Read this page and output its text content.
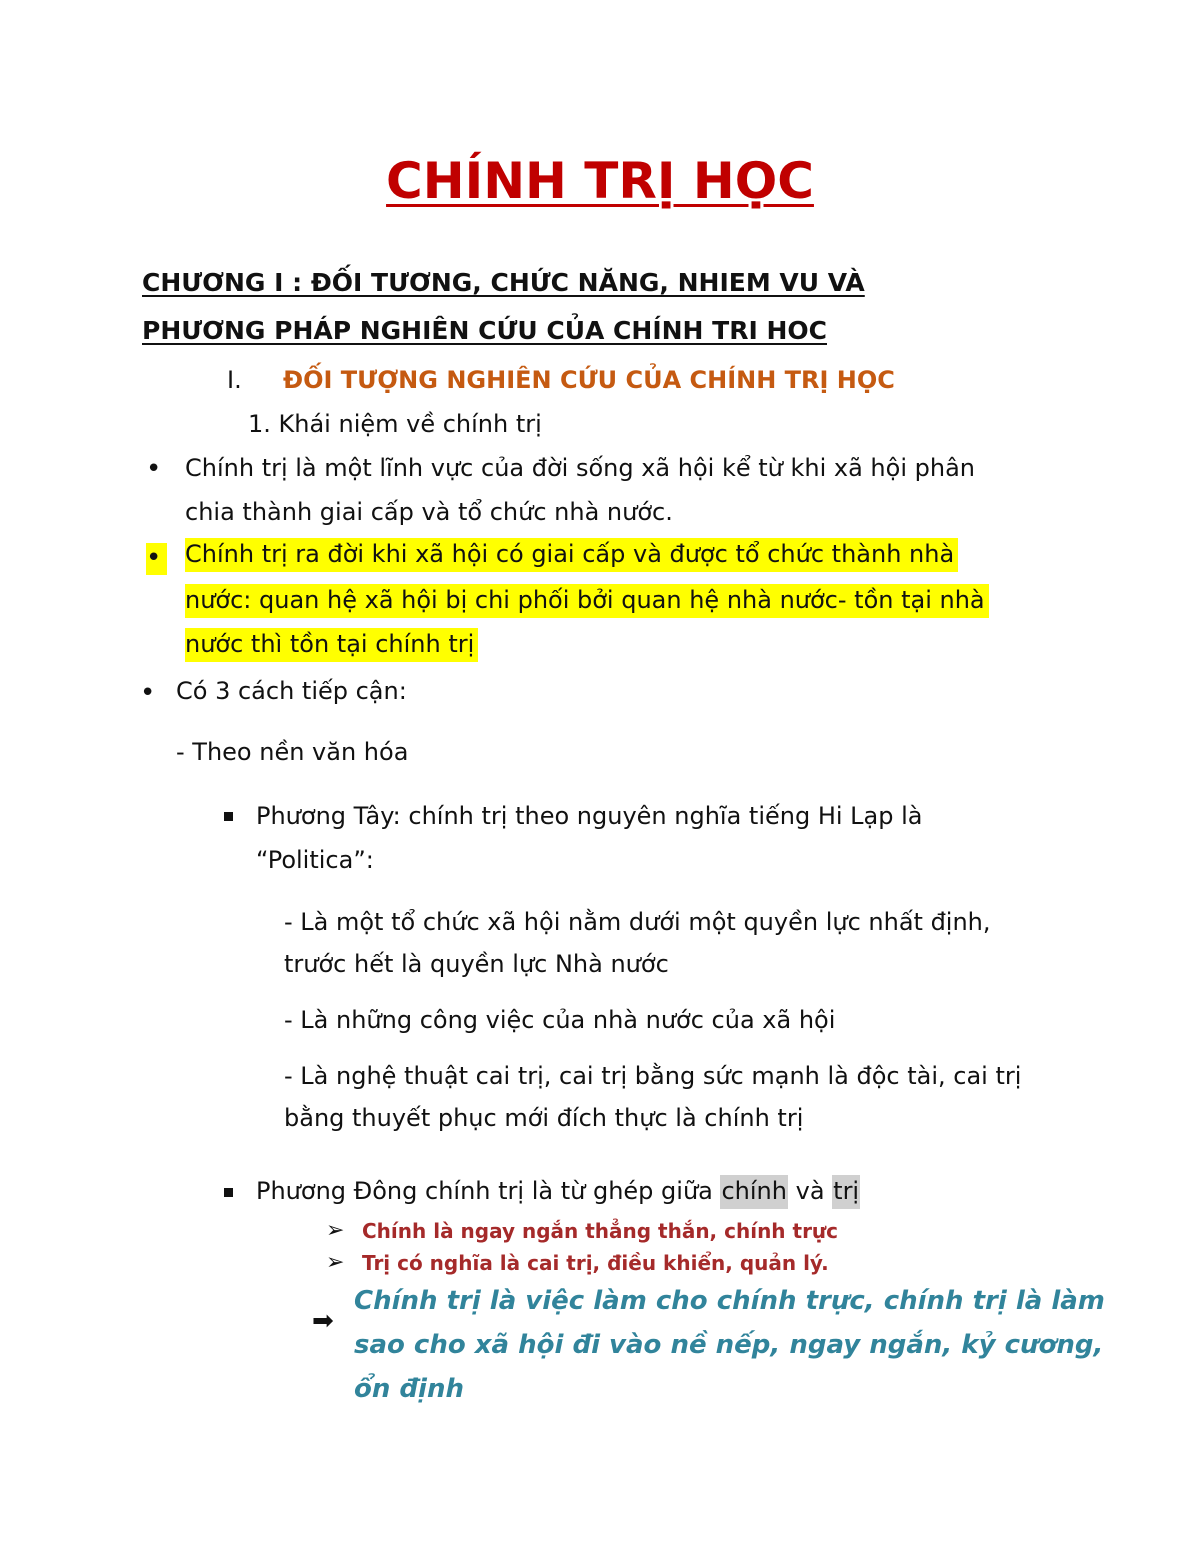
CHÍNH TRỊ HỌC
CHƯƠNG I : ĐỐI TƯƠNG, CHỨC NĂNG, NHIEM VU VÀ
PHƯƠNG PHÁP NGHIÊN CỨU CỦA CHÍNH TRI HOC
I. ĐỐI TƯỢNG NGHIÊN CỨU CỦA CHÍNH TRỊ HỌC
1. Khái niệm về chính trị
• Chính trị là một lĩnh vực của đời sống xã hội kể từ khi xã hội phân
chia thành giai cấp và tổ chức nhà nước.
• Chính trị ra đời khi xã hội có giai cấp và được tổ chức thành nhà
nước: quan hệ xã hội bị chi phối bởi quan hệ nhà nước- tồn tại nhà
nước thì tồn tại chính trị
• Có 3 cách tiếp cận:
- Theo nền văn hóa
Phương Tây: chính trị theo nguyên nghĩa tiếng Hi Lạp là
“Politica”:
- Là một tổ chức xã hội nằm dưới một quyền lực nhất định,
trước hết là quyền lực Nhà nước
- Là những công việc của nhà nước của xã hội
- Là nghệ thuật cai trị, cai trị bằng sức mạnh là độc tài, cai trị
bằng thuyết phục mới đích thực là chính trị
Phương Đông chính trị là từ ghép giữa chính và trị
➢ Chính là ngay ngắn thẳng thắn, chính trực
➢ Trị có nghĩa là cai trị, điều khiển, quản lý.
➡
Chính trị là việc làm cho chính trực, chính trị là làm
sao cho xã hội đi vào nề nếp, ngay ngắn, kỷ cương,
ổn định
